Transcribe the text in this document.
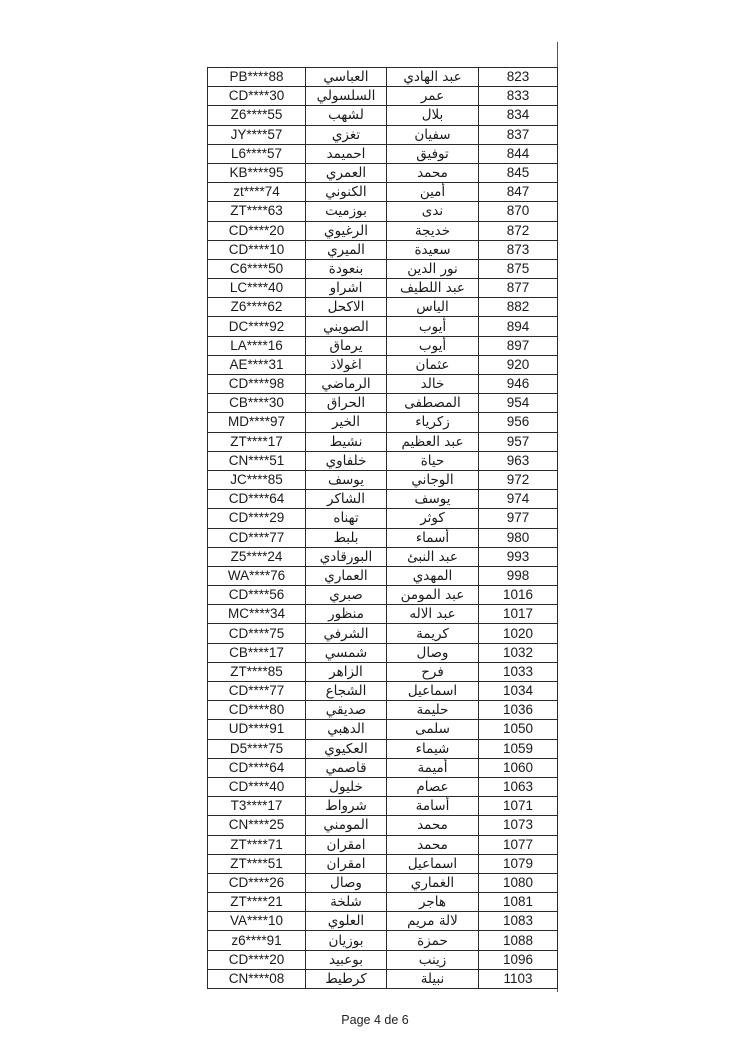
PB****88	العباسي	عبد الهادي	823
CD****30	السلسولي	عمر	833
Z6****55	لشهب	بلال	834
JY****57	تغزي	سفيان	837
L6****57	احميمد	توفيق	844
KB****95	العمري	محمد	845
zt****74	الكنوني	أمين	847
ZT****63	بوزميت	ندى	870
CD****20	الرغيوي	خديجة	872
CD****10	الميري	سعيدة	873
C6****50	بنعودة	نور الدين	875
LC****40	اشراو	عبد اللطيف	877
Z6****62	الاكحل	الياس	882
DC****92	الصويني	أيوب	894
LA****16	يرماق	أيوب	897
AE****31	اغولاذ	عثمان	920
CD****98	الرماضي	خالد	946
CB****30	الحراق	المصطفى	954
MD****97	الخير	زكرياء	956
ZT****17	نشيط	عبد العظيم	957
CN****51	خلفاوي	حياة	963
JC****85	يوسف	الوجاني	972
CD****64	الشاكر	يوسف	974
CD****29	تهناه	كوثر	977
CD****77	بلبط	أسماء	980
Z5****24	البورقادي	عبد النبئ	993
WA****76	العماري	المهدي	998
CD****56	صبري	عبد المومن	1016
MC****34	منظور	عبد الاله	1017
CD****75	الشرفي	كريمة	1020
CB****17	شمسي	وصال	1032
ZT****85	الزاهر	فرح	1033
CD****77	الشجاع	اسماعيل	1034
CD****80	صديقي	حليمة	1036
UD****91	الدهبي	سلمى	1050
D5****75	العكيوي	شيماء	1059
CD****64	قاصمي	أميمة	1060
CD****40	خليول	عصام	1063
T3****17	شرواط	أسامة	1071
CN****25	المومني	محمد	1073
ZT****71	امقران	محمد	1077
ZT****51	امقران	اسماعيل	1079
CD****26	وصال	الغماري	1080
ZT****21	شلخة	هاجر	1081
VA****10	العلوي	لالة مريم	1083
z6****91	بوزيان	حمزة	1088
CD****20	بوعبيد	زينب	1096
CN****08	كرطيط	نبيلة	1103
Page 4 de 6
